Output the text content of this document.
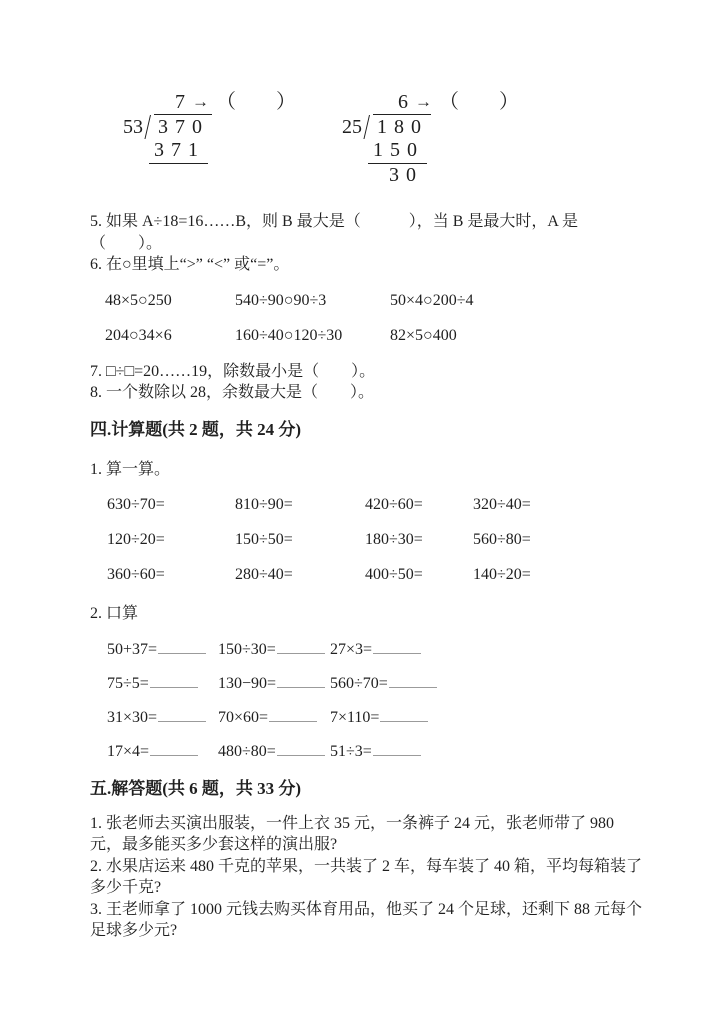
7 → （　　）
53 3 7 0
3 7 1
6 → （　　）
25 1 8 0
1 5 0
3 0
5. 如果 A÷18=16……B，则 B 最大是（　　　），当 B 是最大时，A 是
（　　）。
6. 在○里填上“>” “<” 或“=”。
48×5○250	540÷90○90÷3	50×4○200÷4
204○34×6	160÷40○120÷30	82×5○400
7. □÷□=20……19，除数最小是（　　）。
8. 一个数除以 28，余数最大是（　　）。
四.计算题(共 2 题，共 24 分)
1. 算一算。
630÷70=	810÷90=	420÷60=	320÷40=
120÷20=	150÷50=	180÷30=	560÷80=
360÷60=	280÷40=	400÷50=	140÷20=
2. 口算
50+37=	150÷30=	27×3=
75÷5=	130−90=	560÷70=
31×30=	70×60=	7×110=
17×4=	480÷80=	51÷3=
五.解答题(共 6 题，共 33 分)
1. 张老师去买演出服装，一件上衣 35 元，一条裤子 24 元，张老师带了 980
元，最多能买多少套这样的演出服?
2. 水果店运来 480 千克的苹果，一共装了 2 车，每车装了 40 箱，平均每箱装了
多少千克?
3. 王老师拿了 1000 元钱去购买体育用品，他买了 24 个足球，还剩下 88 元每个
足球多少元?
